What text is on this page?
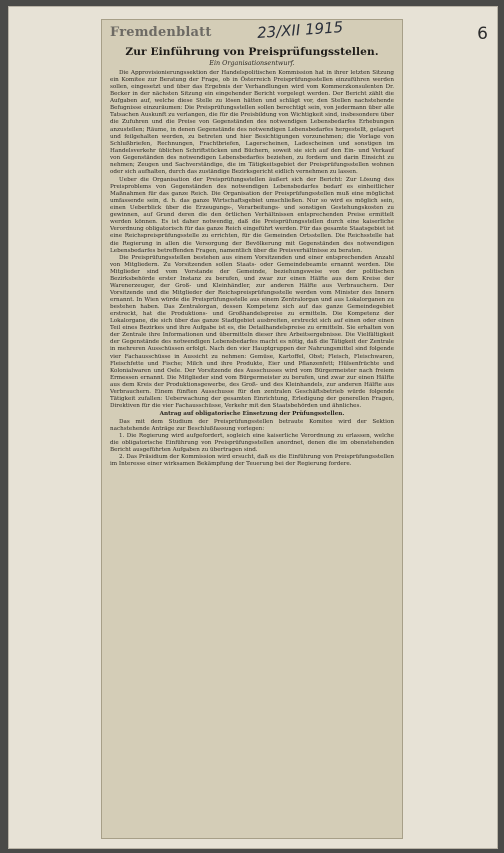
6
Fremdenblatt	23/XII 1915
Zur Einführung von Preisprüfungsstellen.
Ein Organisationsentwurf.

Die Approvisionierungssektion der Handelspolitischen Kommission hat in ihrer letzten Sitzung ein Komitee zur Beratung der Frage, ob in Österreich Preisprüfungsstellen einzuführen werden sollen, eingesetzt und über das Ergebnis der Verhandlungen wird vom Kommerzkonsulenten Dr. Becker in der nächsten Sitzung ein eingehender Bericht vorgelegt werden. Der Bericht zählt die Aufgaben auf, welche diese Stelle zu lösen hätten und schlägt vor, den Stellen nachstehende Befugnisse einzuräumen: Die Preisprüfungsstellen sollen berechtigt sein, von jedermann über alle Tatsachen Auskunft zu verlangen, die für die Preisbildung von Wichtigkeit sind, insbesondere über die Zufuhren und die Preise von Gegenständen des notwendigen Lebensbedarfes Erhebungen anzustellen; Räume, in denen Gegenstände des notwendigen Lebensbedarfes hergestellt, gelagert und feilgehalten werden, zu betreten und hier Besichtigungen vorzunehmen; die Vorlage von Schlußbriefen, Rechnungen, Frachtbriefen, Lagerscheinen, Ladescheinen und sonstigen im Handelsverkehr üblichen Schriftstücken und Büchern, soweit sie sich auf den Ein- und Verkauf von Gegenständen des notwendigen Lebensbedarfes beziehen, zu fordern und darin Einsicht zu nehmen; Zeugen und Sachverständige, die im Tätigkeitsgebiet der Preisprüfungsstellen wohnen oder sich aufhalten, durch das zuständige Bezirksgericht eidlich vernehmen zu lassen.

Ueber die Organisation der Preisprüfungsstellen äußert sich der Bericht: Zur Lösung des Preisproblems von Gegenständen des notwendigen Lebensbedarfes bedarf es einheitlicher Maßnahmen für das ganze Reich. Die Organisation der Preisprüfungsstellen muß eine möglichst umfassende sein, d. h. das ganze Wirtschaftsgebiet umschließen. Nur so wird es möglich sein, einen Ueberblick über die Erzeugungs-, Verarbeitungs- und sonstigen Gestehungskosten zu gewinnen, auf Grund deren die den örtlichen Verhältnissen entsprechenden Preise ermittelt werden können. Es ist daher notwendig, daß die Preisprüfungsstellen durch eine kaiserliche Verordnung obligatorisch für das ganze Reich eingeführt werden. Für das gesamte Staatsgebiet ist eine Reichspreisprüfungsstelle zu errichten, für die Gemeinden Ortsstellen. Die Reichsstelle hat die Regierung in allen die Versorgung der Bevölkerung mit Gegenständen des notwendigen Lebensbedarfes betreffenden Fragen, namentlich über die Preisverhältnisse zu beraten.

Die Preisprüfungsstellen bestehen aus einem Vorsitzenden und einer entsprechenden Anzahl von Mitgliedern. Zu Vorsitzenden sollen Staats- oder Gemeindebeamte ernannt werden. Die Mitglieder sind vom Vorstande der Gemeinde, beziehungsweise von der politischen Bezirksbehörde erster Instanz zu berufen, und zwar zur einen Hälfte aus dem Kreise der Warenerzeuger, der Groß- und Kleinhändler, zur anderen Hälfte aus Verbrauchern. Der Vorsitzende und die Mitglieder der Reichspreisprüfungsstelle werden vom Minister des Innern ernannt. In Wien würde die Preisprüfungsstelle aus einem Zentralorgan und aus Lokalorganen zu bestehen haben. Das Zentralorgan, dessen Kompetenz sich auf das ganze Gemeindegebiet erstreckt, hat die Produktions- und Großhandelspreise zu ermitteln. Die Kompetenz der Lokalorgane, die sich über das ganze Stadtgebiet ausbreiten, erstreckt sich auf einen oder einen Teil eines Bezirkes und ihre Aufgabe ist es, die Detailhandelspreise zu ermitteln. Sie erhalten von der Zentrale ihre Informationen und übermitteln dieser ihre Arbeitsergebnisse. Die Vielfältigkeit der Gegenstände des notwendigen Lebensbedarfes macht es nötig, daß die Tätigkeit der Zentrale in mehreren Ausschüssen erfolgt. Nach den vier Hauptgruppen der Nahrungsmittel sind folgende vier Fachausschüsse in Aussicht zu nehmen: Gemüse, Kartoffel, Obst; Fleisch, Fleischwaren, Fleischfette und Fische; Milch und ihre Produkte, Eier und Pflanzenfett; Hülsenfrüchte und Kolonialwaren und Oele. Der Vorsitzende des Ausschusses wird vom Bürgermeister nach freiem Ermessen ernannt. Die Mitglieder sind vom Bürgermeister zu berufen, und zwar zur einen Hälfte aus dem Kreis der Produktionsgewerbe, des Groß- und des Kleinhandels, zur anderen Hälfte aus Verbrauchern. Einem fünften Ausschusse für den zentralen Geschäftsbetrieb würde folgende Tätigkeit zufallen: Ueberwachung der gesamten Einrichtung, Erledigung der generellen Fragen, Direktiven für die vier Fachausschüsse, Verkehr mit den Staatsbehörden und ähnliches.

Antrag auf obligatorische Einsetzung der Prüfungsstellen.

Das mit dem Studium der Preisprüfungsstellen betraute Komitee wird der Sektion nachstehende Anträge zur Beschlußfassung vorlegen:

1. Die Regierung wird aufgefordert, sogleich eine kaiserliche Verordnung zu erlassen, welche die obligatorische Einführung von Preisprüfungsstellen anordnet, denen die im obenstehenden Bericht ausgeführten Aufgaben zu übertragen sind.

2. Das Präsidium der Kommission wird ersucht, daß es die Einführung von Preisprüfungsstellen im Interesse einer wirksamen Bekämpfung der Teuerung bei der Regierung fordere.
